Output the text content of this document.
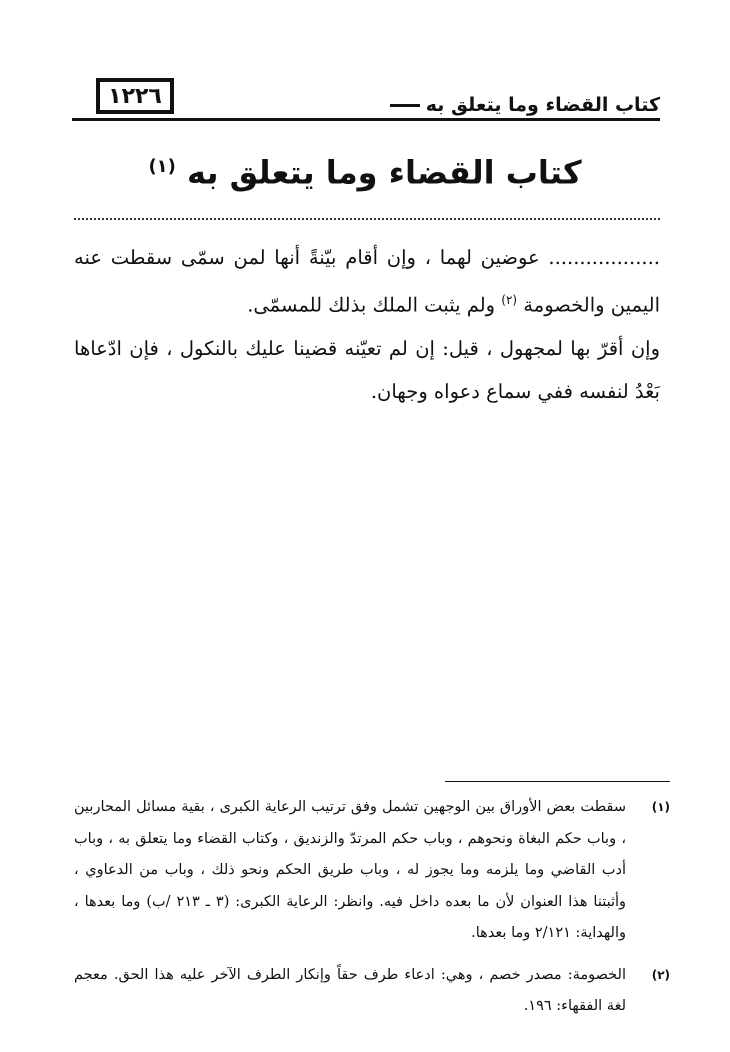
١٢٢٦	كتاب القضاء وما يتعلق به
كتاب القضاء وما يتعلق به $^{(١)}$

.................. عوضين لهما ، وإن أقام بيّنةً أنها لمن سمّى سقطت عنه اليمين والخصومة $^{(٢)}$ ولم يثبت الملك بذلك للمسمّى.

وإن أقرّ بها لمجهول ، قيل: إن لم تعيّنه قضينا عليك بالنكول ، فإن ادّعاها بَعْدُ لنفسه ففي سماع دعواه وجهان.

(١)

سقطت بعض الأوراق بين الوجهين تشمل وفق ترتيب الرعاية الكبرى ، بقية مسائل المحاربين ، وباب حكم البغاة ونحوهم ، وباب حكم المرتدّ والزنديق ، وكتاب القضاء وما يتعلق به ، وباب أدب القاضي وما يلزمه وما يجوز له ، وباب طريق الحكم ونحو ذلك ، وباب من الدعاوي ، وأثبتنا هذا العنوان لأن ما بعده داخل فيه. وانظر: الرعاية الكبرى: (٣ ـ ٢١٣ /ب) وما بعدها ، والهداية: ٢/١٢١ وما بعدها.

(٢)

الخصومة: مصدر خصم ، وهي: ادعاء طرف حقاً وإنكار الطرف الآخر عليه هذا الحق. معجم لغة الفقهاء: ١٩٦.
